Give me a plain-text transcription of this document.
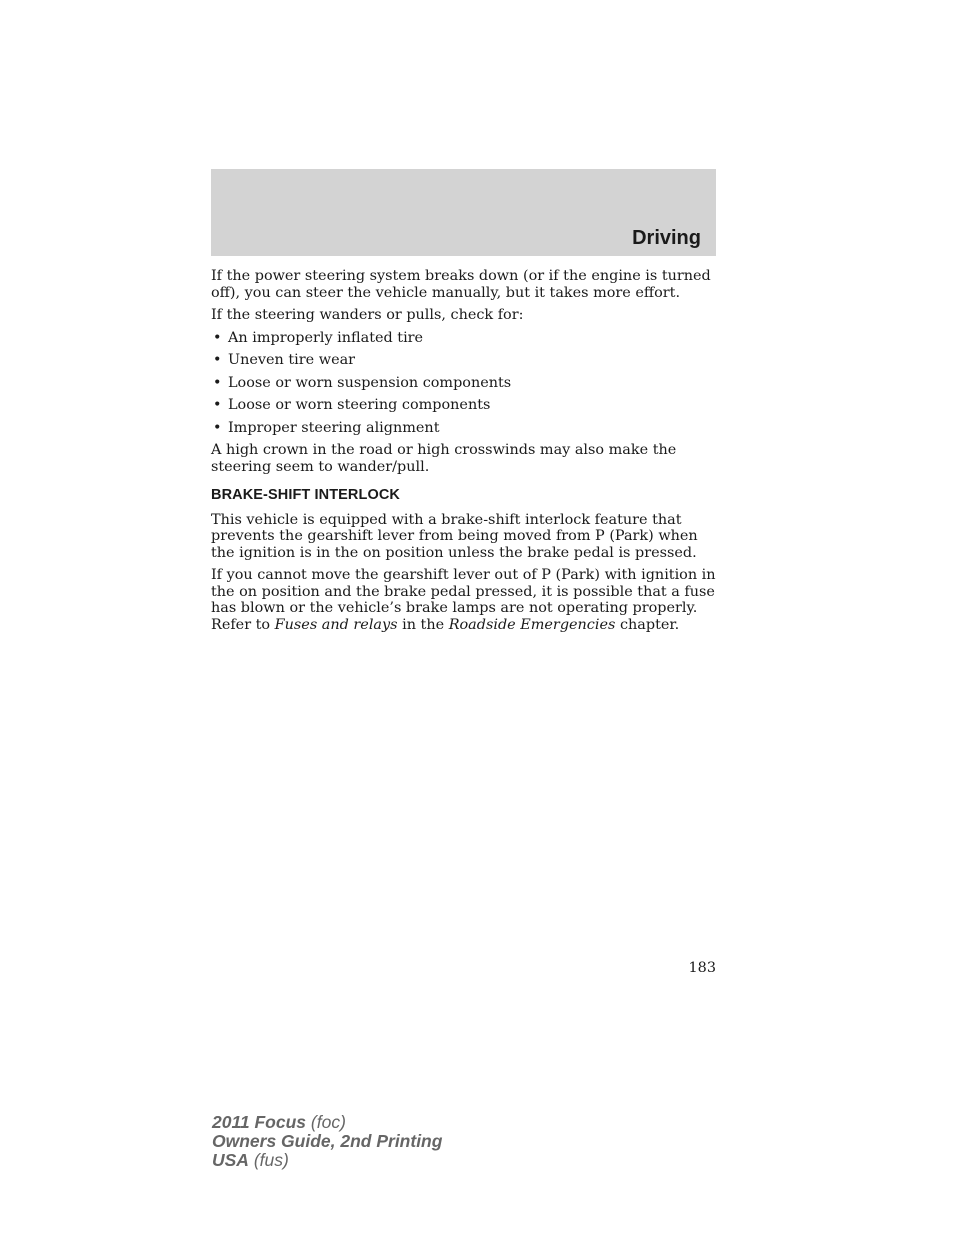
Driving

If the power steering system breaks down (or if the engine is turned off), you can steer the vehicle manually, but it takes more effort.

If the steering wanders or pulls, check for:

• An improperly inflated tire
• Uneven tire wear
• Loose or worn suspension components
• Loose or worn steering components
• Improper steering alignment

A high crown in the road or high crosswinds may also make the steering seem to wander/pull.

BRAKE-SHIFT INTERLOCK

This vehicle is equipped with a brake-shift interlock feature that prevents the gearshift lever from being moved from P (Park) when the ignition is in the on position unless the brake pedal is pressed.

If you cannot move the gearshift lever out of P (Park) with ignition in the on position and the brake pedal pressed, it is possible that a fuse has blown or the vehicle’s brake lamps are not operating properly. Refer to Fuses and relays in the Roadside Emergencies chapter.

183
2011 Focus (foc)
Owners Guide, 2nd Printing
USA (fus)
